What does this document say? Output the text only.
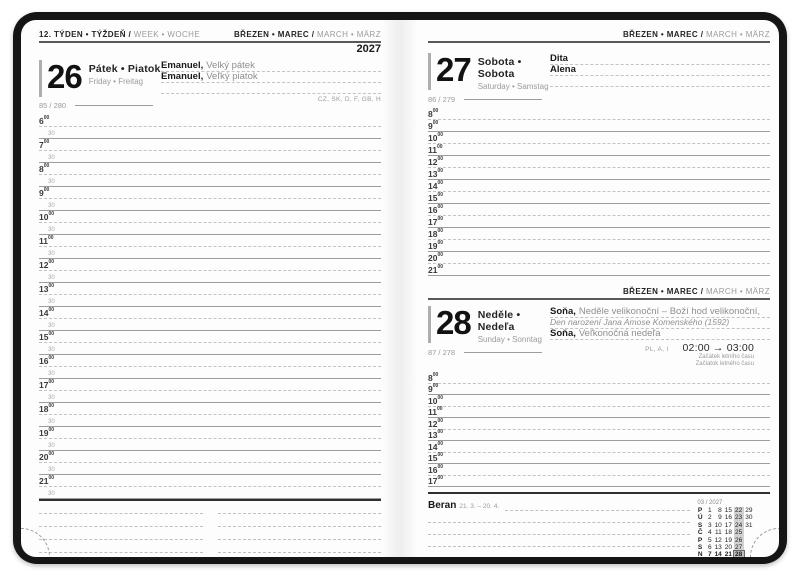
12. TÝDEN • TÝŽDEŇ / WEEK • WOCHE	BŘEZEN • MAREC / MARCH • MÄRZ
2027
26 Pátek • Piatok
Friday • Freitag
85 / 280
Emanuel, Velký pátek
Emanuel, Veľký piatok
CZ, SK, D, F, GB, H
$6^{00}$
30
$7^{00}$
30
$8^{00}$
30
$9^{00}$
30
$10^{00}$
30
$11^{00}$
30
$12^{00}$
30
$13^{00}$
30
$14^{00}$
30
$15^{00}$
30
$16^{00}$
30
$17^{00}$
30
$18^{00}$
30
$19^{00}$
30
$20^{00}$
30
$21^{00}$
30
BŘEZEN • MAREC / MARCH • MÄRZ
27 Sobota • Sobota
Saturday • Samstag
86 / 279
Dita
Alena
$8^{00}$
$9^{00}$
$10^{00}$
$11^{00}$
$12^{00}$
$13^{00}$
$14^{00}$
$15^{00}$
$16^{00}$
$17^{00}$
$18^{00}$
$19^{00}$
$20^{00}$
$21^{00}$
BŘEZEN • MAREC / MARCH • MÄRZ
28 Neděle • Nedeľa
Sunday • Sonntag
87 / 278
Soňa, Neděle velikonoční – Boží hod velikonoční,
Den narození Jana Amose Komenského (1592)
Soňa, Veľkonočná nedeľa
PL, A, I 02:00 → 03:00
Začátek letního času
Začiatok letného času
$8^{00}$
$9^{00}$
$10^{00}$
$11^{00}$
$12^{00}$
$13^{00}$
$14^{00}$
$15^{00}$
$16^{00}$
$17^{00}$
Beran 21. 3. – 20. 4.	03 / 2027
P	1	8	15	22	29
Ú	2	9	16	23	30
S	3	10	17	24	31
Č	4	11	18	25	
P	5	12	19	26	
S	6	13	20	27	
N	7	14	21	28	
